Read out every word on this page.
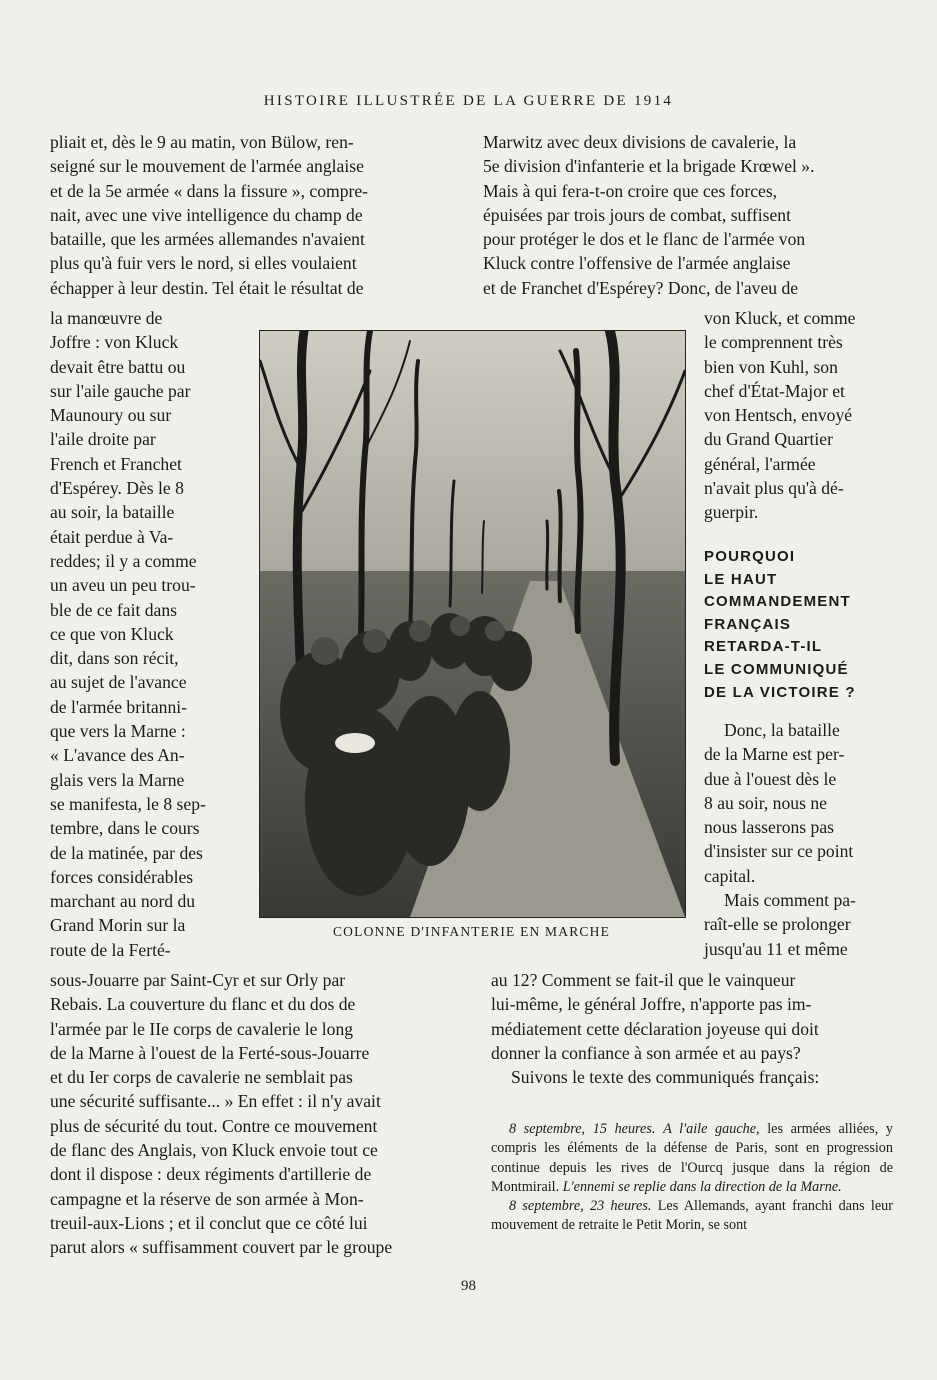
HISTOIRE ILLUSTRÉE DE LA GUERRE DE 1914

pliait et, dès le 9 au matin, von Bülow, ren-

seigné sur le mouvement de l'armée anglaise

et de la 5e armée « dans la fissure », compre-

nait, avec une vive intelligence du champ de

bataille, que les armées allemandes n'avaient

plus qu'à fuir vers le nord, si elles voulaient

échapper à leur destin. Tel était le résultat de

la manœuvre de

Joffre : von Kluck

devait être battu ou

sur l'aile gauche par

Maunoury ou sur

l'aile droite par

French et Franchet

d'Espérey. Dès le 8

au soir, la bataille

était perdue à Va-

reddes; il y a comme

un aveu un peu trou-

ble de ce fait dans

ce que von Kluck

dit, dans son récit,

au sujet de l'avance

de l'armée britanni-

que vers la Marne :

« L'avance des An-

glais vers la Marne

se manifesta, le 8 sep-

tembre, dans le cours

de la matinée, par des

forces considérables

marchant au nord du

Grand Morin sur la

route de la Ferté-

sous-Jouarre par Saint-Cyr et sur Orly par

Rebais. La couverture du flanc et du dos de

l'armée par le IIe corps de cavalerie le long

de la Marne à l'ouest de la Ferté-sous-Jouarre

et du Ier corps de cavalerie ne semblait pas

une sécurité suffisante... » En effet : il n'y avait

plus de sécurité du tout. Contre ce mouvement

de flanc des Anglais, von Kluck envoie tout ce

dont il dispose : deux régiments d'artillerie de

campagne et la réserve de son armée à Mon-

treuil-aux-Lions ; et il conclut que ce côté lui

parut alors « suffisamment couvert par le groupe

Marwitz avec deux divisions de cavalerie, la

5e division d'infanterie et la brigade Krœwel ».

Mais à qui fera-t-on croire que ces forces,

épuisées par trois jours de combat, suffisent

pour protéger le dos et le flanc de l'armée von

Kluck contre l'offensive de l'armée anglaise

et de Franchet d'Espérey? Donc, de l'aveu de

von Kluck, et comme

le comprennent très

bien von Kuhl, son

chef d'État-Major et

von Hentsch, envoyé

du Grand Quartier

général, l'armée

n'avait plus qu'à dé-

guerpir.

POURQUOI
LE HAUT
COMMANDEMENT
FRANÇAIS
RETARDA-T-IL
LE COMMUNIQUÉ
DE LA VICTOIRE ?

Donc, la bataille

de la Marne est per-

due à l'ouest dès le

8 au soir, nous ne

nous lasserons pas

d'insister sur ce point

capital.

Mais comment pa-

raît-elle se prolonger

jusqu'au 11 et même

au 12? Comment se fait-il que le vainqueur

lui-même, le général Joffre, n'apporte pas im-

médiatement cette déclaration joyeuse qui doit

donner la confiance à son armée et au pays?

Suivons le texte des communiqués français:

COLONNE D'INFANTERIE EN MARCHE

8 septembre, 15 heures. A l'aile gauche, les armées alliées, y compris les éléments de la défense de Paris, sont en progression continue depuis les rives de l'Ourcq jusque dans la région de Montmirail. L'ennemi se replie dans la direction de la Marne.

8 septembre, 23 heures. Les Allemands, ayant franchi dans leur mouvement de retraite le Petit Morin, se sont

98
